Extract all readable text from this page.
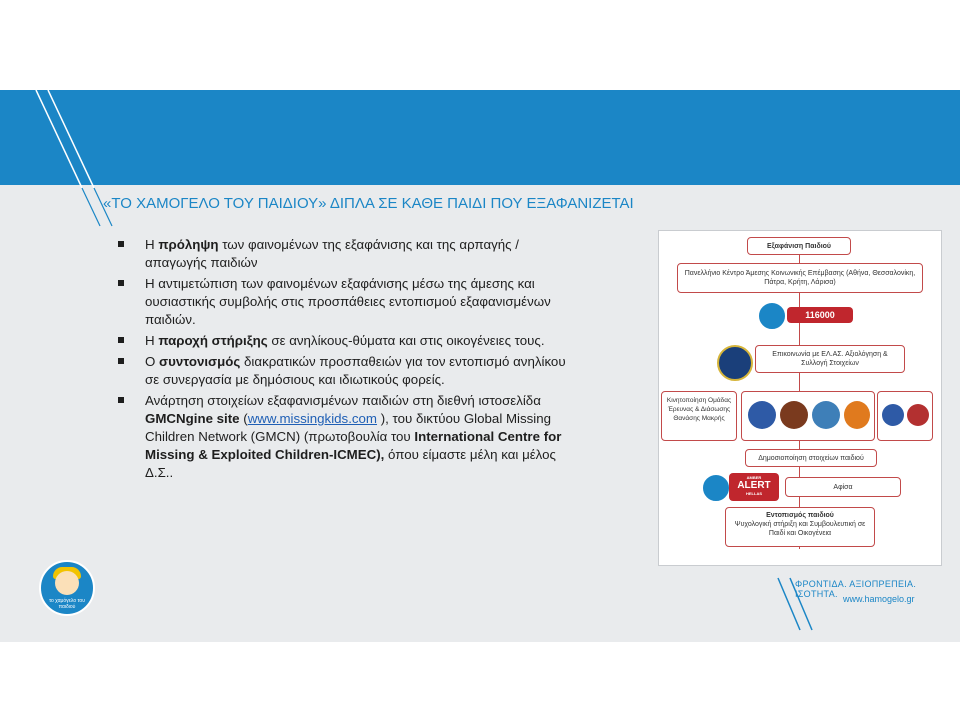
«ΤΟ ΧΑΜΟΓΕΛΟ ΤΟΥ ΠΑΙΔΙΟΥ» ΔΙΠΛΑ ΣΕ ΚΑΘΕ ΠΑΙΔΙ ΠΟΥ ΕΞΑΦΑΝΙΖΕΤΑΙ
Η πρόληψη των φαινομένων της εξαφάνισης και της αρπαγής / απαγωγής παιδιών
Η αντιμετώπιση των φαινομένων εξαφάνισης μέσω της άμεσης και ουσιαστικής συμβολής στις προσπάθειες εντοπισμού εξαφανισμένων παιδιών.
Η παροχή στήριξης σε ανηλίκους-θύματα και στις οικογένειες τους.
Ο συντονισμός διακρατικών προσπαθειών για τον εντοπισμό ανηλίκου σε συνεργασία με δημόσιους και ιδιωτικούς φορείς.
Ανάρτηση στοιχείων εξαφανισμένων παιδιών στη διεθνή ιστοσελίδα GMCNgine site (www.missingkids.com ), του δικτύου Global Missing Children Network (GMCN) (πρωτοβουλία του International Centre for Missing & Exploited Children-ICMEC), όπου είμαστε μέλη και μέλος Δ.Σ..
Εξαφάνιση Παιδιού
Πανελλήνιο Κέντρο Άμεσης Κοινωνικής Επέμβασης (Αθήνα, Θεσσαλονίκη, Πάτρα, Κρήτη, Λάρισα)
116000
Επικοινωνία με ΕΛ.ΑΣ. Αξιολόγηση & Συλλογή Στοιχείων
Κινητοποίηση Ομάδας Έρευνας & Διάσωσης Θανάσης Μακρής
Δημοσιοποίηση στοιχείων παιδιού
AMBER
ALERT
HELLAS
Αφίσα
Εντοπισμός παιδιού
Ψυχολογική στήριξη και Συμβουλευτική σε Παιδί και Οικογένεια
το χαμόγελο του παιδιού
ΦΡΟΝΤΙΔΑ. ΑΞΙΟΠΡΕΠΕΙΑ. ΙΣΟΤΗΤΑ. www.hamogelo.gr
